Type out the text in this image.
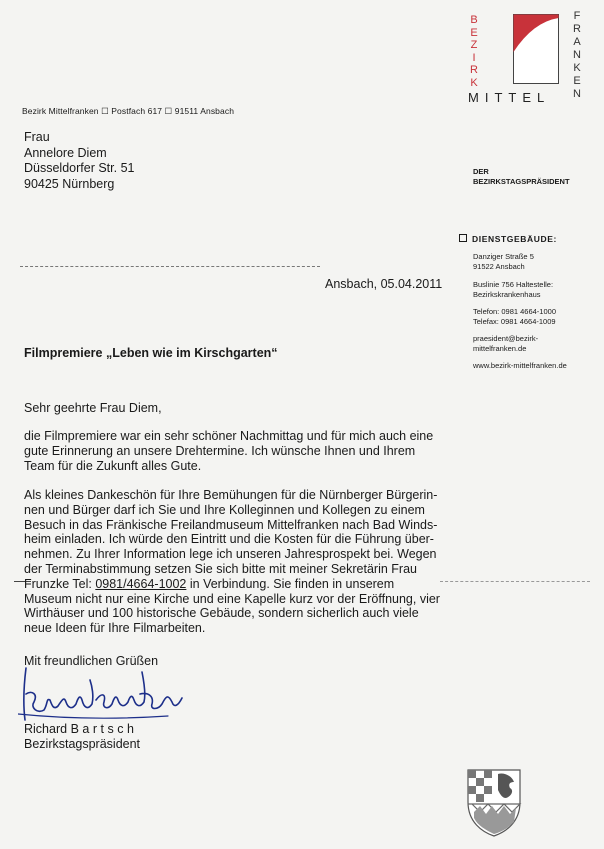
B
E
Z
I
R
K
F
R
A
N
K
E
N
MITTEL
Bezirk Mittelfranken ☐ Postfach 617 ☐ 91511 Ansbach
Frau
Annelore Diem
Düsseldorfer Str. 51
90425 Nürnberg
DER
BEZIRKSTAGSPRÄSIDENT
DIENSTGEBÄUDE:
Danziger Straße 5
91522 Ansbach
Buslinie 756 Haltestelle:
Bezirkskrankenhaus
Telefon: 0981 4664-1000
Telefax: 0981 4664-1009
praesident@bezirk-
mittelfranken.de
www.bezirk-mittelfranken.de
Ansbach, 05.04.2011
Filmpremiere „Leben wie im Kirschgarten“
Sehr geehrte Frau Diem,
die Filmpremiere war ein sehr schöner Nachmittag und für mich auch eine
gute Erinnerung an unsere Drehtermine. Ich wünsche Ihnen und Ihrem
Team für die Zukunft alles Gute.
Als kleines Dankeschön für Ihre Bemühungen für die Nürnberger Bürgerin-
nen und Bürger darf ich Sie und Ihre Kolleginnen und Kollegen zu einem
Besuch in das Fränkische Freilandmuseum Mittelfranken nach Bad Winds-
heim einladen. Ich würde den Eintritt und die Kosten für die Führung über-
nehmen. Zu Ihrer Information lege ich unseren Jahresprospekt bei. Wegen
der Terminabstimmung setzen Sie sich bitte mit meiner Sekretärin Frau
Frunzke Tel: 0981/4664-1002 in Verbindung. Sie finden in unserem
Museum nicht nur eine Kirche und eine Kapelle kurz vor der Eröffnung, vier
Wirthäuser und 100 historische Gebäude, sondern sicherlich auch viele
neue Ideen für Ihre Filmarbeiten.
Mit freundlichen Grüßen
Richard Bartsch
Bezirkstagspräsident
